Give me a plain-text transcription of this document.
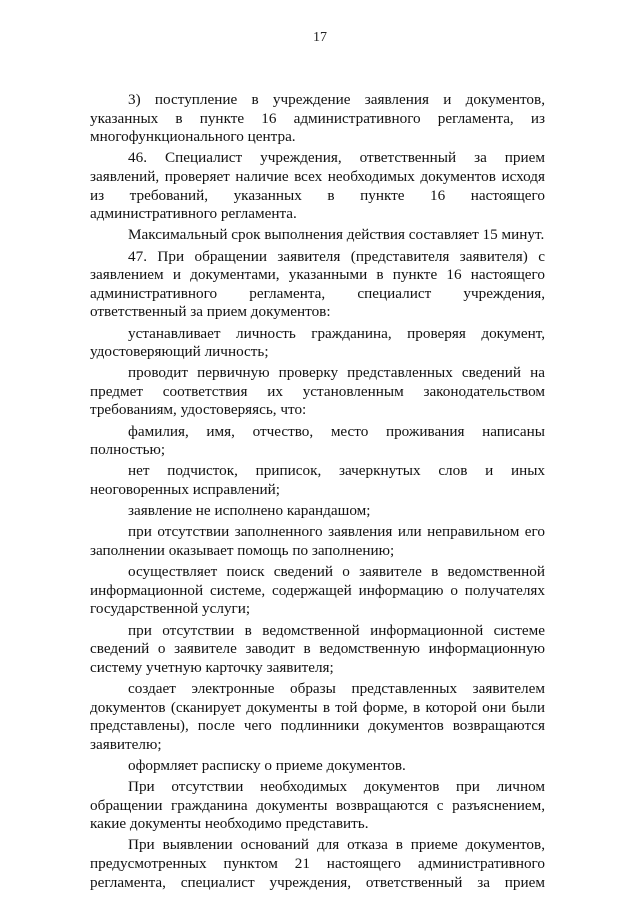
17

3) поступление в учреждение заявления и документов, указанных в пункте 16 административного регламента, из многофункционального центра.

46. Специалист учреждения, ответственный за прием заявлений, проверяет наличие всех необходимых документов исходя из требований, указанных в пункте 16 настоящего административного регламента.

Максимальный срок выполнения действия составляет 15 минут.

47. При обращении заявителя (представителя заявителя) с заявлением и документами, указанными в пункте 16 настоящего административного регламента, специалист учреждения, ответственный за прием документов:

устанавливает личность гражданина, проверяя документ, удостоверяющий личность;

проводит первичную проверку представленных сведений на предмет соответствия их установленным законодательством требованиям, удостоверяясь, что:

фамилия, имя, отчество, место проживания написаны полностью;

нет подчисток, приписок, зачеркнутых слов и иных неоговоренных исправлений;

заявление не исполнено карандашом;

при отсутствии заполненного заявления или неправильном его заполнении оказывает помощь по заполнению;

осуществляет поиск сведений о заявителе в ведомственной информационной системе, содержащей информацию о получателях государственной услуги;

при отсутствии в ведомственной информационной системе сведений о заявителе заводит в ведомственную информационную систему учетную карточку заявителя;

создает электронные образы представленных заявителем документов (сканирует документы в той форме, в которой они были представлены), после чего подлинники документов возвращаются заявителю;

оформляет расписку о приеме документов.

При отсутствии необходимых документов при личном обращении гражданина документы возвращаются с разъяснением, какие документы необходимо представить.

При выявлении оснований для отказа в приеме документов, предусмотренных пунктом 21 настоящего административного регламента, специалист учреждения, ответственный за прием
